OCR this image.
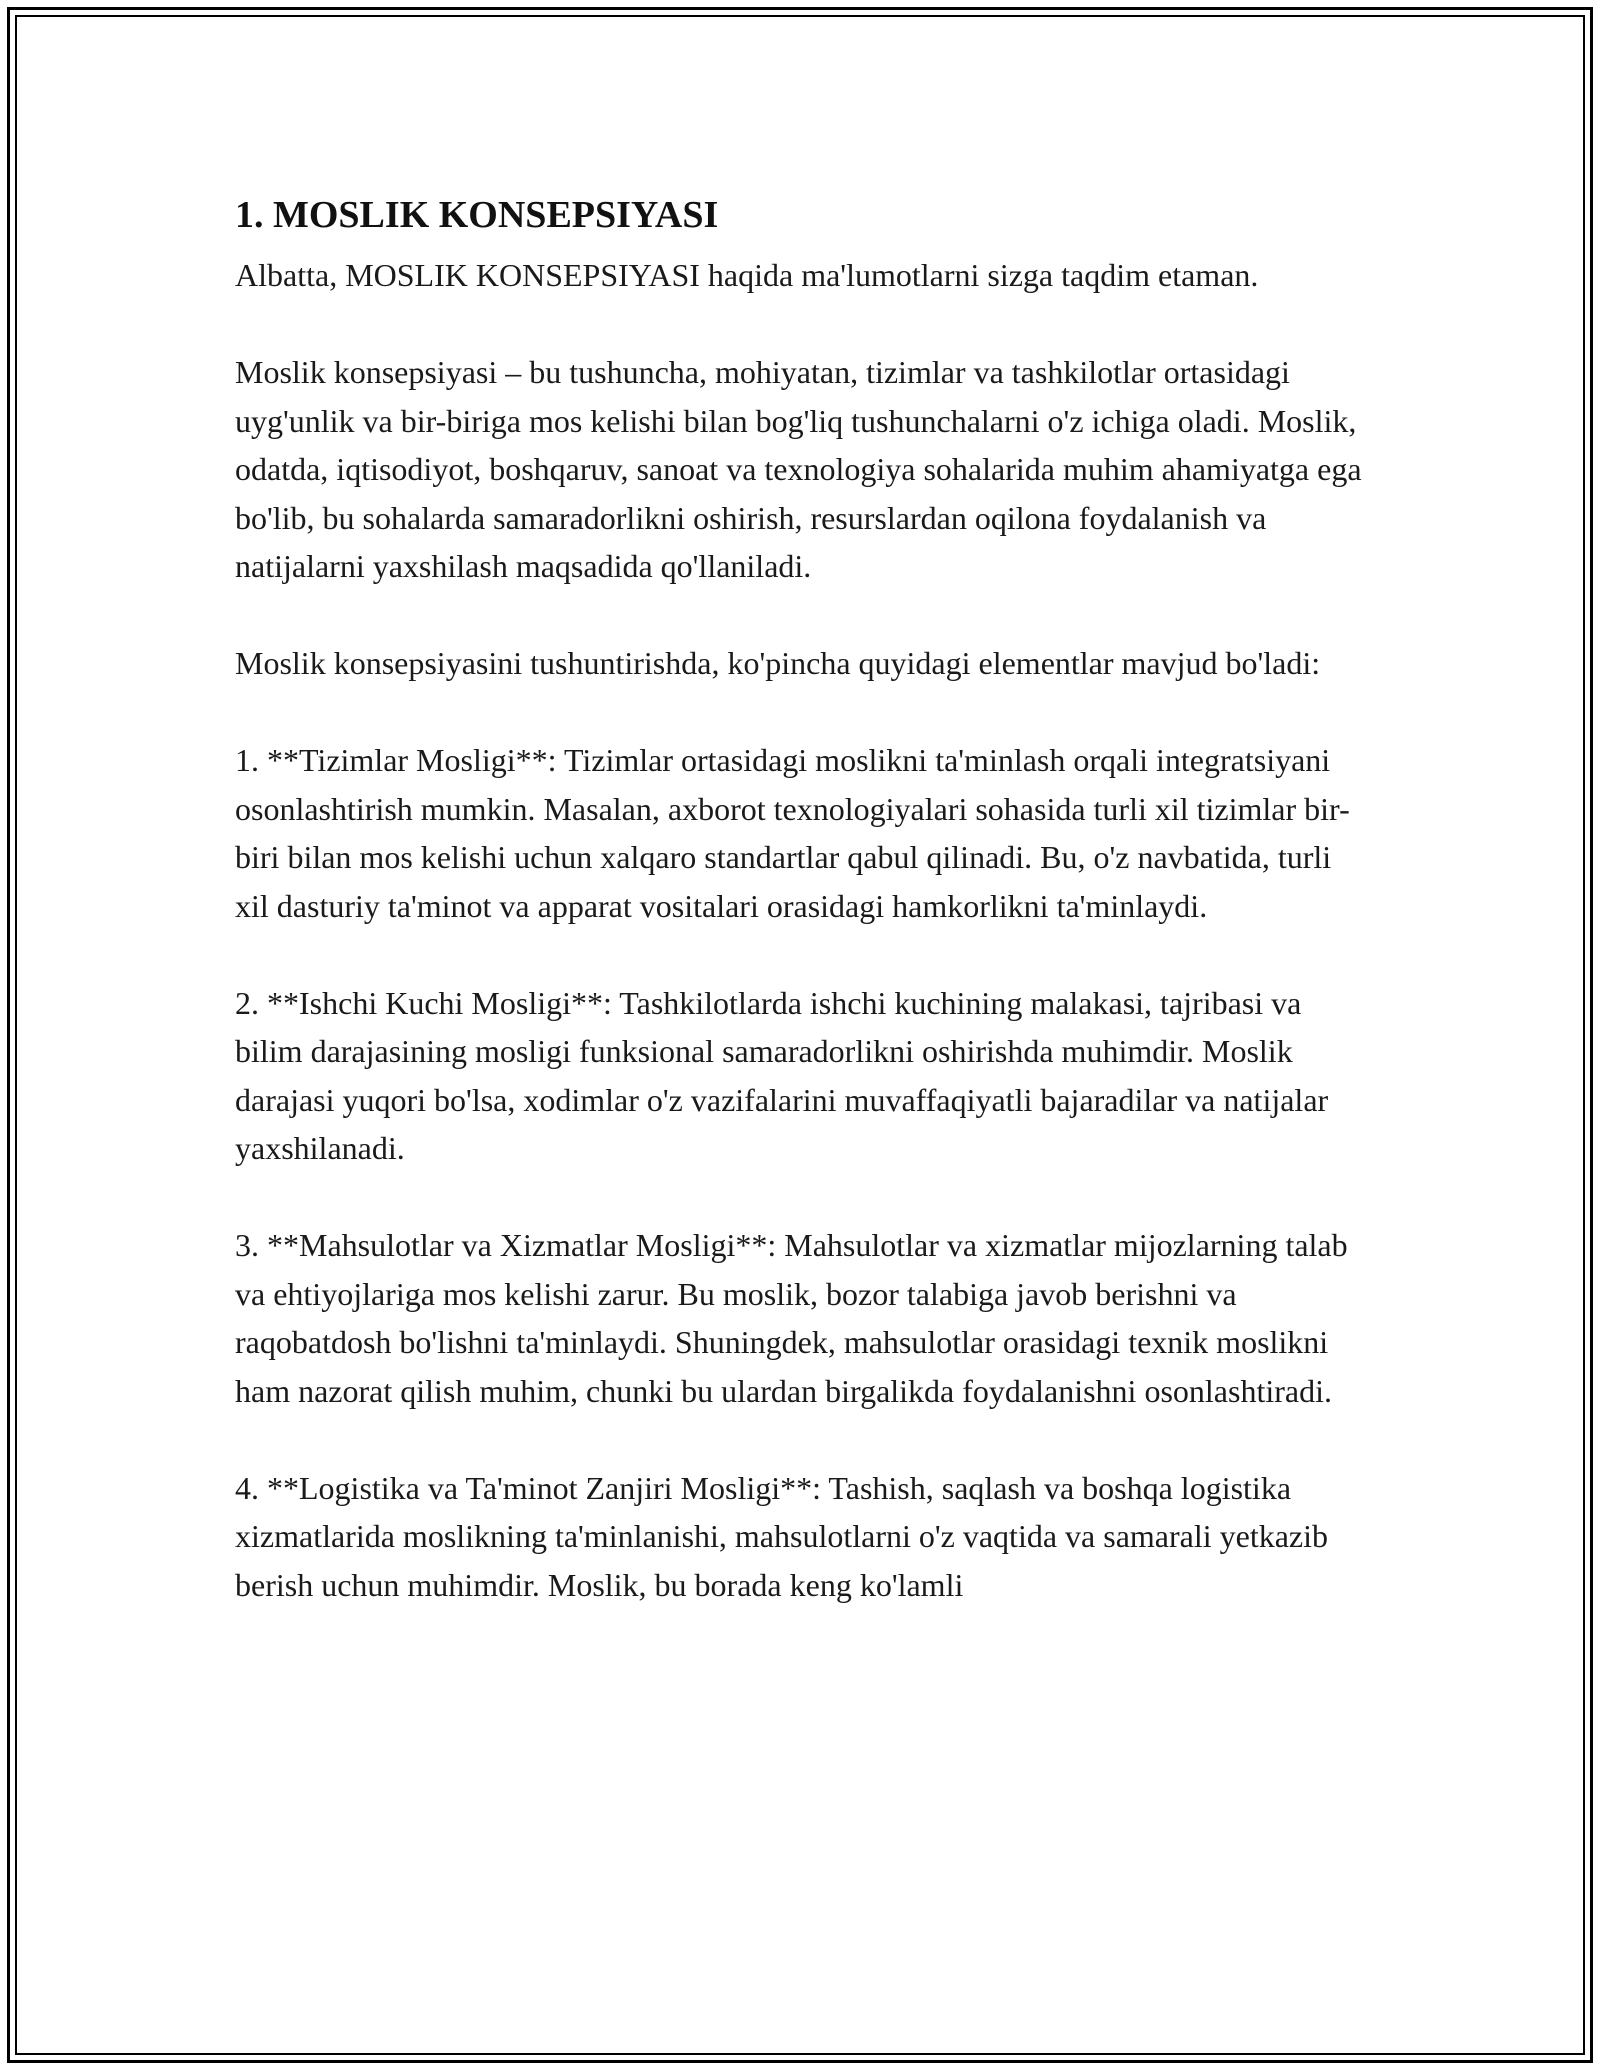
1. MOSLIK KONSEPSIYASI

Albatta, MOSLIK KONSEPSIYASI haqida ma'lumotlarni sizga taqdim etaman.

Moslik konsepsiyasi – bu tushuncha, mohiyatan, tizimlar va tashkilotlar ortasidagi uyg'unlik va bir-biriga mos kelishi bilan bog'liq tushunchalarni o'z ichiga oladi. Moslik, odatda, iqtisodiyot, boshqaruv, sanoat va texnologiya sohalarida muhim ahamiyatga ega bo'lib, bu sohalarda samaradorlikni oshirish, resurslardan oqilona foydalanish va natijalarni yaxshilash maqsadida qo'llaniladi.

Moslik konsepsiyasini tushuntirishda, ko'pincha quyidagi elementlar mavjud bo'ladi:

1. **Tizimlar Mosligi**: Tizimlar ortasidagi moslikni ta'minlash orqali integratsiyani osonlashtirish mumkin. Masalan, axborot texnologiyalari sohasida turli xil tizimlar bir-biri bilan mos kelishi uchun xalqaro standartlar qabul qilinadi. Bu, o'z navbatida, turli xil dasturiy ta'minot va apparat vositalari orasidagi hamkorlikni ta'minlaydi.

2. **Ishchi Kuchi Mosligi**: Tashkilotlarda ishchi kuchining malakasi, tajribasi va bilim darajasining mosligi funksional samaradorlikni oshirishda muhimdir. Moslik darajasi yuqori bo'lsa, xodimlar o'z vazifalarini muvaffaqiyatli bajaradilar va natijalar yaxshilanadi.

3. **Mahsulotlar va Xizmatlar Mosligi**: Mahsulotlar va xizmatlar mijozlarning talab va ehtiyojlariga mos kelishi zarur. Bu moslik, bozor talabiga javob berishni va raqobatdosh bo'lishni ta'minlaydi. Shuningdek, mahsulotlar orasidagi texnik moslikni ham nazorat qilish muhim, chunki bu ulardan birgalikda foydalanishni osonlashtiradi.

4. **Logistika va Ta'minot Zanjiri Mosligi**: Tashish, saqlash va boshqa logistika xizmatlarida moslikning ta'minlanishi, mahsulotlarni o'z vaqtida va samarali yetkazib berish uchun muhimdir. Moslik, bu borada keng ko'lamli
